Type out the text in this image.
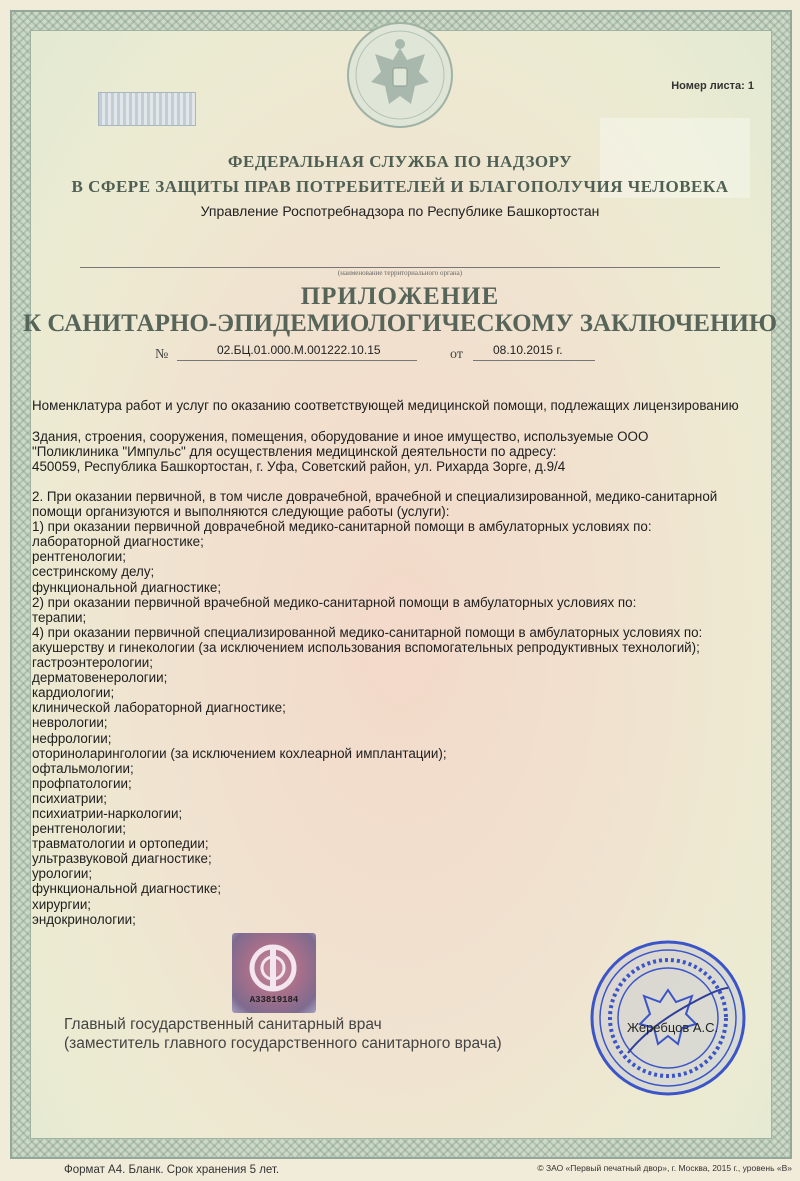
Номер листа: 1
ФЕДЕРАЛЬНАЯ СЛУЖБА ПО НАДЗОРУ
В СФЕРЕ ЗАЩИТЫ ПРАВ ПОТРЕБИТЕЛЕЙ И БЛАГОПОЛУЧИЯ ЧЕЛОВЕКА
Управление Роспотребнадзора по Республике Башкортостан
(наименование территориального органа)
ПРИЛОЖЕНИЕ
К САНИТАРНО-ЭПИДЕМИОЛОГИЧЕСКОМУ ЗАКЛЮЧЕНИЮ
№	02.БЦ.01.000.М.001222.10.15	от	08.10.2015 г.

Номенклатура работ и услуг по оказанию соответствующей медицинской помощи, подлежащих лицензированию

Здания, строения, сооружения, помещения, оборудование и иное имущество, используемые ООО

"Поликлиника "Импульс" для осуществления медицинской деятельности по адресу:

450059, Республика Башкортостан, г. Уфа, Советский район, ул. Рихарда Зорге, д.9/4

2. При оказании первичной, в том числе доврачебной, врачебной и специализированной, медико-санитарной

помощи организуются и выполняются следующие работы (услуги):

1) при оказании первичной доврачебной медико-санитарной помощи в амбулаторных условиях по:

лабораторной диагностике;

рентгенологии;

сестринскому делу;

функциональной диагностике;

2) при оказании первичной врачебной медико-санитарной помощи в амбулаторных условиях по:

терапии;

4) при оказании первичной специализированной медико-санитарной помощи в амбулаторных условиях по:

акушерству и гинекологии (за исключением использования вспомогательных репродуктивных технологий);

гастроэнтерологии;

дерматовенерологии;

кардиологии;

клинической лабораторной диагностике;

неврологии;

нефрологии;

оториноларингологии (за исключением кохлеарной имплантации);

офтальмологии;

профпатологии;

психиатрии;

психиатрии-наркологии;

рентгенологии;

травматологии и ортопедии;

ультразвуковой диагностике;

урологии;

функциональной диагностике;

хирургии;

эндокринологии;

А33819184
Главный государственный санитарный врач
(заместитель главного государственного санитарного врача)
Жеребцов А.С.
Формат А4. Бланк. Срок хранения 5 лет.	© ЗАО «Первый печатный двор», г. Москва, 2015 г., уровень «В»
